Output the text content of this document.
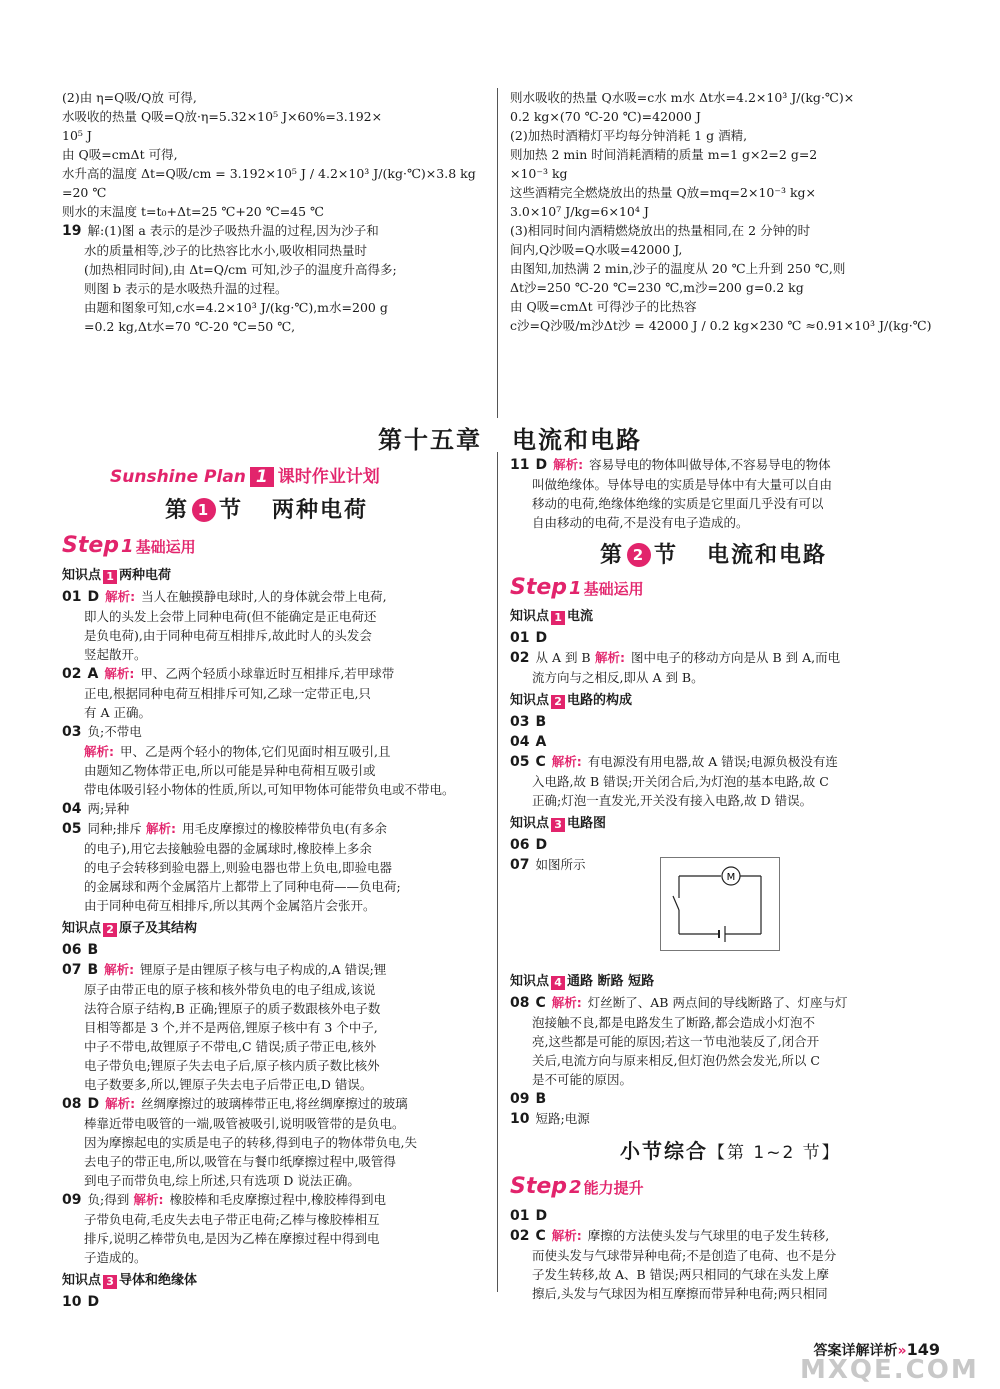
(2)由 η=Q吸/Q放 可得,
水吸收的热量 Q吸=Q放·η=5.32×10⁵ J×60%=3.192×
10⁵ J
由 Q吸=cmΔt 可得,
水升高的温度 Δt=Q吸/cm = 3.192×10⁵ J / 4.2×10³ J/(kg·℃)×3.8 kg
=20 ℃
则水的末温度 t=t₀+Δt=25 ℃+20 ℃=45 ℃
19 解:(1)图 a 表示的是沙子吸热升温的过程,因为沙子和
水的质量相等,沙子的比热容比水小,吸收相同热量时
(加热相同时间),由 Δt=Q/cm 可知,沙子的温度升高得多;
则图 b 表示的是水吸热升温的过程。
由题和图象可知,c水=4.2×10³ J/(kg·℃),m水=200 g
=0.2 kg,Δt水=70 ℃-20 ℃=50 ℃,
则水吸收的热量 Q水吸=c水 m水 Δt水=4.2×10³ J/(kg·℃)×
0.2 kg×(70 ℃-20 ℃)=42000 J
(2)加热时酒精灯平均每分钟消耗 1 g 酒精,
则加热 2 min 时间消耗酒精的质量 m=1 g×2=2 g=2
×10⁻³ kg
这些酒精完全燃烧放出的热量 Q放=mq=2×10⁻³ kg×
3.0×10⁷ J/kg=6×10⁴ J
(3)相同时间内酒精燃烧放出的热量相同,在 2 分钟的时
间内,Q沙吸=Q水吸=42000 J,
由图知,加热满 2 min,沙子的温度从 20 ℃上升到 250 ℃,则
Δt沙=250 ℃-20 ℃=230 ℃,m沙=200 g=0.2 kg
由 Q吸=cmΔt 可得沙子的比热容
c沙=Q沙吸/m沙Δt沙 = 42000 J / 0.2 kg×230 ℃ ≈0.91×10³ J/(kg·℃)
第十五章 电流和电路
Sunshine Plan 1 课时作业计划
第 1 节 两种电荷
Step 1 基础运用
知识点 1 两种电荷
01 D 解析: 当人在触摸静电球时,人的身体就会带上电荷,
即人的头发上会带上同种电荷(但不能确定是正电荷还
是负电荷),由于同种电荷互相排斥,故此时人的头发会
竖起散开。
02 A 解析: 甲、乙两个轻质小球靠近时互相排斥,若甲球带
正电,根据同种电荷互相排斥可知,乙球一定带正电,只
有 A 正确。
03 负;不带电
解析: 甲、乙是两个轻小的物体,它们见面时相互吸引,且
由题知乙物体带正电,所以可能是异种电荷相互吸引或
带电体吸引轻小物体的性质,所以,可知甲物体可能带负电或不带电。
04 两;异种
05 同种;排斥 解析: 用毛皮摩擦过的橡胶棒带负电(有多余
的电子),用它去接触验电器的金属球时,橡胶棒上多余
的电子会转移到验电器上,则验电器也带上负电,即验电器
的金属球和两个金属箔片上都带上了同种电荷——负电荷;
由于同种电荷互相排斥,所以其两个金属箔片会张开。
知识点 2 原子及其结构
06 B
07 B 解析: 锂原子是由锂原子核与电子构成的,A 错误;锂
原子由带正电的原子核和核外带负电的电子组成,该说
法符合原子结构,B 正确;锂原子的质子数跟核外电子数
目相等都是 3 个,并不是两倍,锂原子核中有 3 个中子,
中子不带电,故锂原子不带电,C 错误;质子带正电,核外
电子带负电;锂原子失去电子后,原子核内质子数比核外
电子数要多,所以,锂原子失去电子后带正电,D 错误。
08 D 解析: 丝绸摩擦过的玻璃棒带正电,将丝绸摩擦过的玻璃
棒靠近带电吸管的一端,吸管被吸引,说明吸管带的是负电。
因为摩擦起电的实质是电子的转移,得到电子的物体带负电,失
去电子的带正电,所以,吸管在与餐巾纸摩擦过程中,吸管得
到电子而带负电,综上所述,只有选项 D 说法正确。
09 负;得到 解析: 橡胶棒和毛皮摩擦过程中,橡胶棒得到电
子带负电荷,毛皮失去电子带正电荷;乙棒与橡胶棒相互
排斥,说明乙棒带负电,是因为乙棒在摩擦过程中得到电
子造成的。
知识点 3 导体和绝缘体
10 D
11 D 解析: 容易导电的物体叫做导体,不容易导电的物体
叫做绝缘体。导体导电的实质是导体中有大量可以自由
移动的电荷,绝缘体绝缘的实质是它里面几乎没有可以
自由移动的电荷,不是没有电子造成的。
第 2 节 电流和电路
Step 1 基础运用
知识点 1 电流
01 D
02 从 A 到 B 解析: 图中电子的移动方向是从 B 到 A,而电
流方向与之相反,即从 A 到 B。
知识点 2 电路的构成
03 B
04 A
05 C 解析: 有电源没有用电器,故 A 错误;电源负极没有连
入电路,故 B 错误;开关闭合后,为灯泡的基本电路,故 C
正确;灯泡一直发光,开关没有接入电路,故 D 错误。
知识点 3 电路图
06 D
07 如图所示
M
知识点 4 通路 断路 短路
08 C 解析: 灯丝断了、AB 两点间的导线断路了、灯座与灯
泡接触不良,都是电路发生了断路,都会造成小灯泡不
亮,这些都是可能的原因;若这一节电池装反了,闭合开
关后,电流方向与原来相反,但灯泡仍然会发光,所以 C
是不可能的原因。
09 B
10 短路;电源
小节综合【第 1~2 节】
Step 2 能力提升
01 D
02 C 解析: 摩擦的方法使头发与气球里的电子发生转移,
而使头发与气球带异种电荷;不是创造了电荷、也不是分
子发生转移,故 A、B 错误;两只相同的气球在头发上摩
擦后,头发与气球因为相互摩擦而带异种电荷;两只相同
答案详解详析»149
MXQE.COM
